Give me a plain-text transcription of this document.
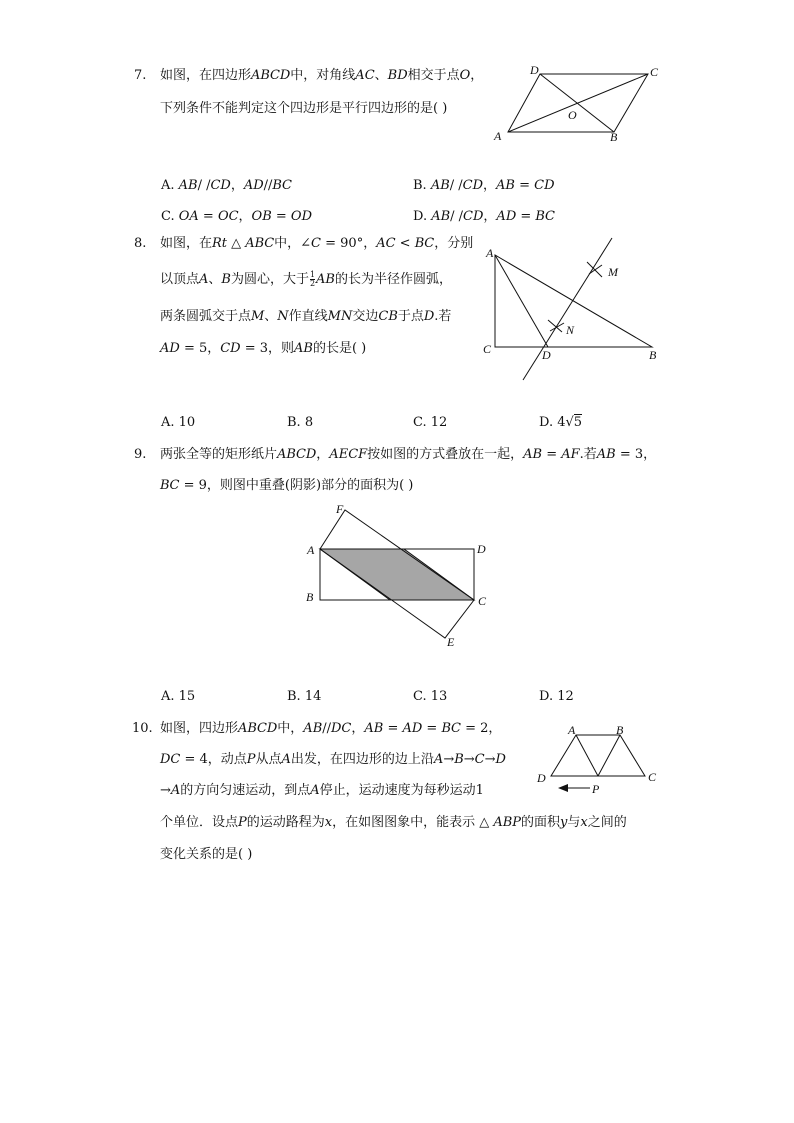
7. 如图，在四边形𝐴𝐵𝐶𝐷中，对角线𝐴𝐶、𝐵𝐷相交于点𝑂，
下列条件不能判定这个四边形是平行四边形的是( )
D	C
O
A	B
A. 𝐴𝐵/ /𝐶𝐷，𝐴𝐷//𝐵𝐶	B. 𝐴𝐵/ /𝐶𝐷，𝐴𝐵 = 𝐶𝐷
C. 𝑂𝐴 = 𝑂𝐶，𝑂𝐵 = 𝑂𝐷	D. 𝐴𝐵/ /𝐶𝐷，𝐴𝐷 = 𝐵𝐶
8. 如图，在𝑅𝑡 △ 𝐴𝐵𝐶中，∠𝐶 = 90°，𝐴𝐶 < 𝐵𝐶，分别
以顶点𝐴、𝐵为圆心，大于 $\frac{1}{2}$ 𝐴𝐵的长为半径作圆弧，
两条圆弧交于点𝑀、𝑁作直线𝑀𝑁交边𝐶𝐵于点𝐷.若
𝐴𝐷 = 5，𝐶𝐷 = 3，则𝐴𝐵的长是( )
A
M
N
C	D	B
A. 10	B. 8	C. 12	D. 4√5
9. 两张全等的矩形纸片𝐴𝐵𝐶𝐷，𝐴𝐸𝐶𝐹按如图的方式叠放在一起，𝐴𝐵 = 𝐴𝐹.若𝐴𝐵 = 3，
𝐵𝐶 = 9，则图中重叠(阴影)部分的面积为( )
F
A	D
B	C
E
A. 15	B. 14	C. 13	D. 12
10. 如图，四边形𝐴𝐵𝐶𝐷中，𝐴𝐵//𝐷𝐶，𝐴𝐵 = 𝐴𝐷 = 𝐵𝐶 = 2，
𝐷𝐶 = 4，动点𝑃从点𝐴出发，在四边形的边上沿𝐴→𝐵→𝐶→𝐷
→𝐴的方向匀速运动，到点𝐴停止，运动速度为每秒运动1
个单位．设点𝑃的运动路程为𝑥，在如图图象中，能表示 △ 𝐴𝐵𝑃的面积𝑦与𝑥之间的
变化关系的是( )
A	B
D	C
P
